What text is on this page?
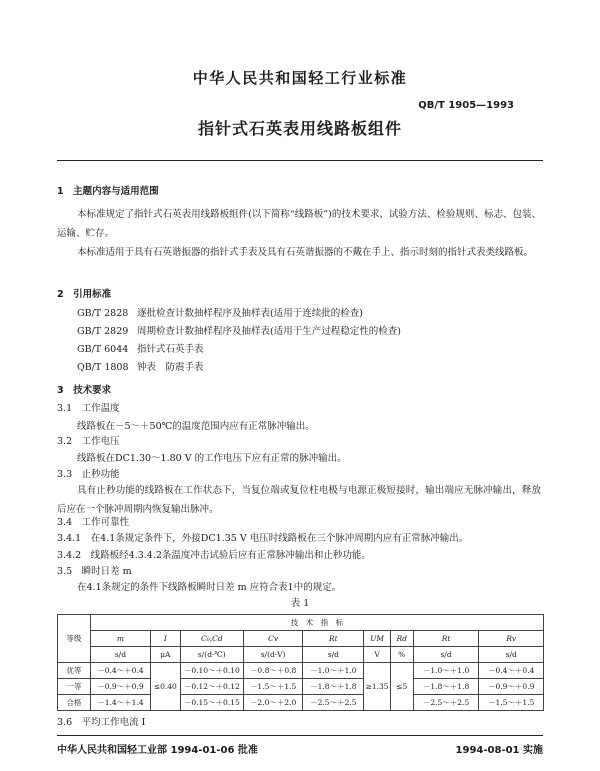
中华人民共和国轻工行业标准
QB/T 1905—1993
指针式石英表用线路板组件
1　主题内容与适用范围
本标准规定了指针式石英表用线路板组件(以下简称“线路板”)的技术要求、试验方法、检验规则、标志、包装、运输、贮存。
本标准适用于具有石英谐振器的指针式手表及具有石英谐振器的不戴在手上、指示时刻的指针式表类线路板。
2　引用标准
GB/T 2828 逐批检查计数抽样程序及抽样表(适用于连续批的检查)
GB/T 2829 周期检查计数抽样程序及抽样表(适用于生产过程稳定性的检查)
GB/T 6044 指针式石英手表
QB/T 1808 钟表　防震手表
3　技术要求
3.1　工作温度
线路板在－5～＋50℃的温度范围内应有正常脉冲输出。
3.2　工作电压
线路板在DC1.30～1.80 V 的工作电压下应有正常的脉冲输出。
3.3　止秒功能
具有止秒功能的线路板在工作状态下，当复位端或复位柱电极与电源正极短接时，输出端应无脉冲输出，释放后应在一个脉冲周期内恢复输出脉冲。
3.4　工作可靠性
3.4.1　在4.1条规定条件下，外接DC1.35 V 电压时线路板在三个脉冲周期内应有正常脉冲输出。
3.4.2　线路板经4.3.4.2条温度冲击试验后应有正常脉冲输出和止秒功能。
3.5　瞬时日差 m
在4.1条规定的条件下线路板瞬时日差 m 应符合表1中的规定。
表 1
等级	技　术　指　标								
	m	I	C₀,Cd	Cv	Rt	UM	Rd	Rt	Rv
	s/d	μA	s/(d·℃)	s/(d·V)	s/d	V	%	s/d	s/d
优等	－0.4～＋0.4	≤0.40	－0.10～＋0.10	－0.8～＋0.8	－1.0～＋1.0	≥1.35	≤5	－1.0～＋1.0	－0.4～＋0.4
一等	－0.9～＋0.9		－0.12～＋0.12	－1.5～＋1.5	－1.8～＋1.8			－1.8～＋1.8	－0.9～＋0.9
合格	－1.4～＋1.4		－0.15～＋0.15	－2.0～＋2.0	－2.5～＋2.5			－2.5～＋2.5	－1.5～＋1.5
3.6　平均工作电流 I
中华人民共和国轻工业部 1994-01-06 批准	1994-08-01 实施
